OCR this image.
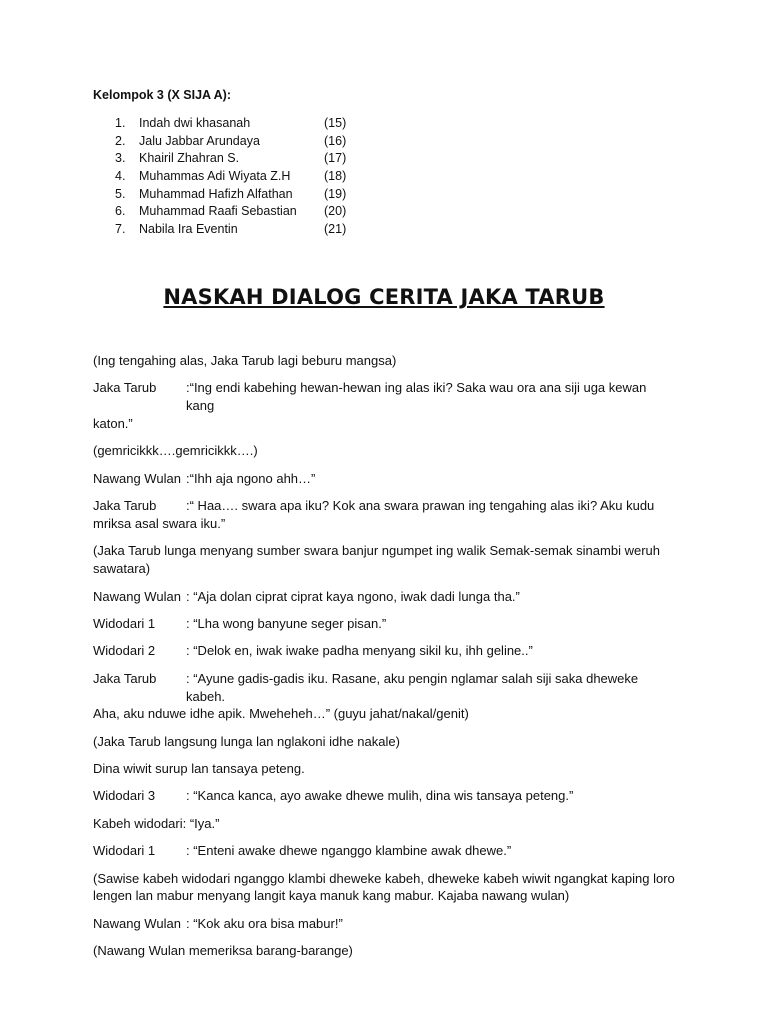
Kelompok 3 (X SIJA A):
1.	Indah dwi khasanah	(15)
2.	Jalu Jabbar Arundaya	(16)
3.	Khairil Zhahran S.	(17)
4.	Muhammas Adi Wiyata Z.H	(18)
5.	Muhammad Hafizh Alfathan	(19)
6.	Muhammad Raafi Sebastian	(20)
7.	Nabila Ira Eventin	(21)
NASKAH DIALOG CERITA JAKA TARUB
(Ing tengahing alas, Jaka Tarub lagi beburu mangsa)
Jaka Tarub	:“Ing endi kabehing hewan-hewan ing alas iki? Saka wau ora ana siji uga kewan kang
katon.”
(gemricikkk….gemricikkk….)
Nawang Wulan :“Ihh aja ngono ahh…”
Jaka Tarub	:“ Haa…. swara apa iku? Kok ana swara prawan ing tengahing alas iki? Aku kudu
mriksa asal swara iku.”
(Jaka Tarub lunga menyang sumber swara banjur ngumpet ing walik Semak-semak sinambi weruh
sawatara)
Nawang Wulan : “Aja dolan ciprat ciprat kaya ngono, iwak dadi lunga tha.”
Widodari 1	: “Lha wong banyune seger pisan.”
Widodari 2	: “Delok en, iwak iwake padha menyang sikil ku, ihh geline..”
Jaka Tarub	: “Ayune gadis-gadis iku. Rasane, aku pengin nglamar salah siji saka dheweke kabeh.
Aha, aku nduwe idhe apik. Mweheheh…” (guyu jahat/nakal/genit)
(Jaka Tarub langsung lunga lan nglakoni idhe nakale)
Dina wiwit surup lan tansaya peteng.
Widodari 3	: “Kanca kanca, ayo awake dhewe mulih, dina wis tansaya peteng.”
Kabeh widodari : “Iya.”
Widodari 1	: “Enteni awake dhewe nganggo klambine awak dhewe.”
(Sawise kabeh widodari nganggo klambi dheweke kabeh, dheweke kabeh wiwit ngangkat kaping loro
lengen lan mabur menyang langit kaya manuk kang mabur. Kajaba nawang wulan)
Nawang Wulan : “Kok aku ora bisa mabur!”
(Nawang Wulan memeriksa barang-barange)
